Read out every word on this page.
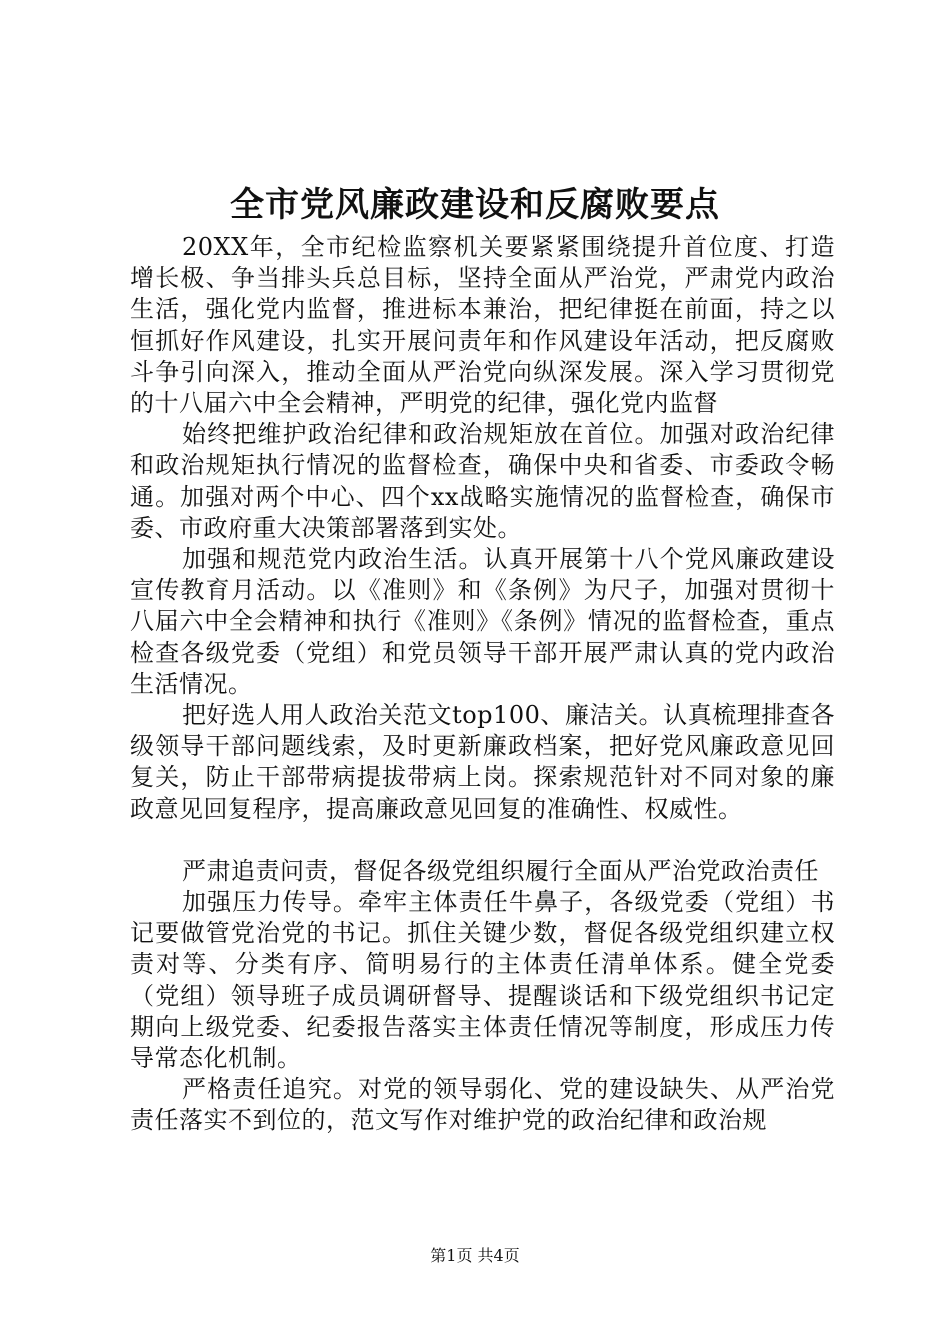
全市党风廉政建设和反腐败要点

20XX年，全市纪检监察机关要紧紧围绕提升首位度、打造增长极、争当排头兵总目标，坚持全面从严治党，严肃党内政治生活，强化党内监督，推进标本兼治，把纪律挺在前面，持之以恒抓好作风建设，扎实开展问责年和作风建设年活动，把反腐败斗争引向深入，推动全面从严治党向纵深发展。深入学习贯彻党的十八届六中全会精神，严明党的纪律，强化党内监督

始终把维护政治纪律和政治规矩放在首位。加强对政治纪律和政治规矩执行情况的监督检查，确保中央和省委、市委政令畅通。加强对两个中心、四个xx战略实施情况的监督检查，确保市委、市政府重大决策部署落到实处。

加强和规范党内政治生活。认真开展第十八个党风廉政建设宣传教育月活动。以《准则》和《条例》为尺子，加强对贯彻十八届六中全会精神和执行《准则》《条例》情况的监督检查，重点检查各级党委（党组）和党员领导干部开展严肃认真的党内政治生活情况。

把好选人用人政治关范文top100、廉洁关。认真梳理排查各级领导干部问题线索，及时更新廉政档案，把好党风廉政意见回复关，防止干部带病提拔带病上岗。探索规范针对不同对象的廉政意见回复程序，提高廉政意见回复的准确性、权威性。

严肃追责问责，督促各级党组织履行全面从严治党政治责任

加强压力传导。牵牢主体责任牛鼻子，各级党委（党组）书记要做管党治党的书记。抓住关键少数，督促各级党组织建立权责对等、分类有序、简明易行的主体责任清单体系。健全党委（党组）领导班子成员调研督导、提醒谈话和下级党组织书记定期向上级党委、纪委报告落实主体责任情况等制度，形成压力传导常态化机制。

严格责任追究。对党的领导弱化、党的建设缺失、从严治党责任落实不到位的，范文写作对维护党的政治纪律和政治规

第1页 共4页
